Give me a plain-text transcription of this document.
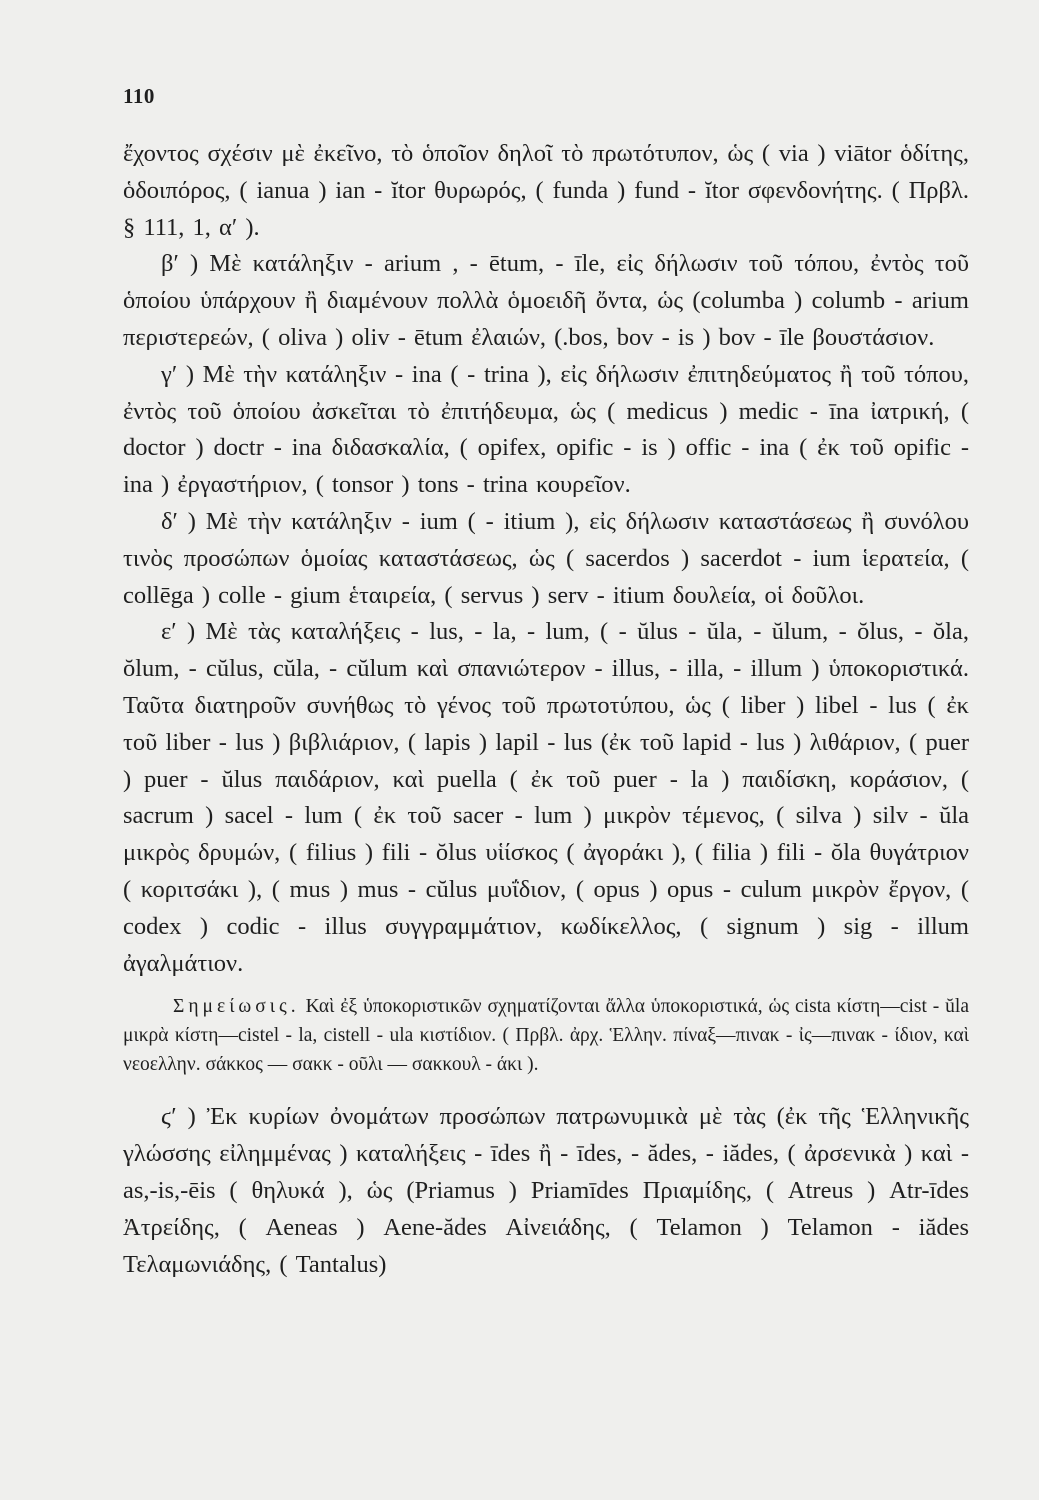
110

ἔχοντος σχέσιν μὲ ἐκεῖνο, τὸ ὁποῖον δηλοῖ τὸ πρωτότυπον, ὡς ( via ) viātor ὁδίτης, ὁδοιπόρος, ( ianua ) ian - ĭtor θυρωρός, ( funda ) fund - ĭtor σφενδονήτης. ( Πρβλ. § 111, 1, α′ ).

β′ ) Μὲ κατάληξιν - arium , - ētum, - īle, εἰς δήλωσιν τοῦ τόπου, ἐντὸς τοῦ ὁποίου ὑπάρχουν ἢ διαμένουν πολλὰ ὁμοειδῆ ὄντα, ὡς (columba ) columb - arium περιστερεών, ( oliva ) oliv - ētum ἐλαιών, (.bos, bov - is ) bov - īle βουστάσιον.

γ′ ) Μὲ τὴν κατάληξιν - ina ( - trina ), εἰς δήλωσιν ἐπιτηδεύματος ἢ τοῦ τόπου, ἐντὸς τοῦ ὁποίου ἀσκεῖται τὸ ἐπιτήδευμα, ὡς ( medicus ) medic - īna ἰατρική, ( doctor ) doctr - ina διδασκαλία, ( opifex, opific - is ) offic - ina ( ἐκ τοῦ opific - ina ) ἐργαστήριον, ( tonsor ) tons - trina κουρεῖον.

δ′ ) Μὲ τὴν κατάληξιν - ium ( - itium ), εἰς δήλωσιν καταστάσεως ἢ συνόλου τινὸς προσώπων ὁμοίας καταστάσεως, ὡς ( sacerdos ) sacerdot - ium ἱερατεία, ( collēga ) colle - gium ἑταιρεία, ( servus ) serv - itium δουλεία, οἱ δοῦλοι.

ε′ ) Μὲ τὰς καταλήξεις - lus, - la, - lum, ( - ŭlus - ŭla, - ŭlum, - ŏlus, - ŏla, ŏlum, - cŭlus, cŭla, - cŭlum καὶ σπανιώτερον - illus, - illa, - illum ) ὑποκοριστικά. Ταῦτα διατηροῦν συνήθως τὸ γένος τοῦ πρωτοτύπου, ὡς ( liber ) libel - lus ( ἐκ τοῦ liber - lus ) βιβλιάριον, ( lapis ) lapil - lus (ἐκ τοῦ lapid - lus ) λιθάριον, ( puer ) puer - ŭlus παιδάριον, καὶ puella ( ἐκ τοῦ puer - la ) παιδίσκη, κοράσιον, ( sacrum ) sacel - lum ( ἐκ τοῦ sacer - lum ) μικρὸν τέμενος, ( silva ) silv - ŭla μικρὸς δρυμών, ( filius ) fili - ŏlus υἱίσκος ( ἀγοράκι ), ( filia ) fili - ŏla θυγάτριον ( κοριτσάκι ), ( mus ) mus - cŭlus μυΐδιον, ( opus ) opus - culum μικρὸν ἔργον, ( codex ) codic - illus συγγραμμάτιον, κωδίκελλος, ( signum ) sig - illum ἀγαλμάτιον.

Σημείωσις. Καὶ ἐξ ὑποκοριστικῶν σχηματίζονται ἄλλα ὑποκοριστικά, ὡς cista κίστη—cist - ŭla μικρὰ κίστη—cistel - la, cistell - ula κιστίδιον. ( Πρβλ. ἀρχ. Ἑλλην. πίναξ—πινακ - ἰς—πινακ - ίδιον, καὶ νεοελλην. σάκκος — σακκ - οῦλι — σακκουλ - άκι ).

ϛ′ ) Ἐκ κυρίων ὀνομάτων προσώπων πατρωνυμικὰ μὲ τὰς (ἐκ τῆς Ἑλληνικῆς γλώσσης εἰλημμένας ) καταλήξεις - īdes ἢ - īdes, - ădes, - iădes, ( ἀρσενικὰ ) καὶ -as,-is,-ēis ( θηλυκά ), ὡς (Priamus ) Priamīdes Πριαμίδης, ( Atreus ) Atr-īdes Ἀτρείδης, ( Aeneas ) Aene-ădes Αἰνειάδης, ( Telamon ) Telamon - iădes Τελαμωνιάδης, ( Tantalus)
